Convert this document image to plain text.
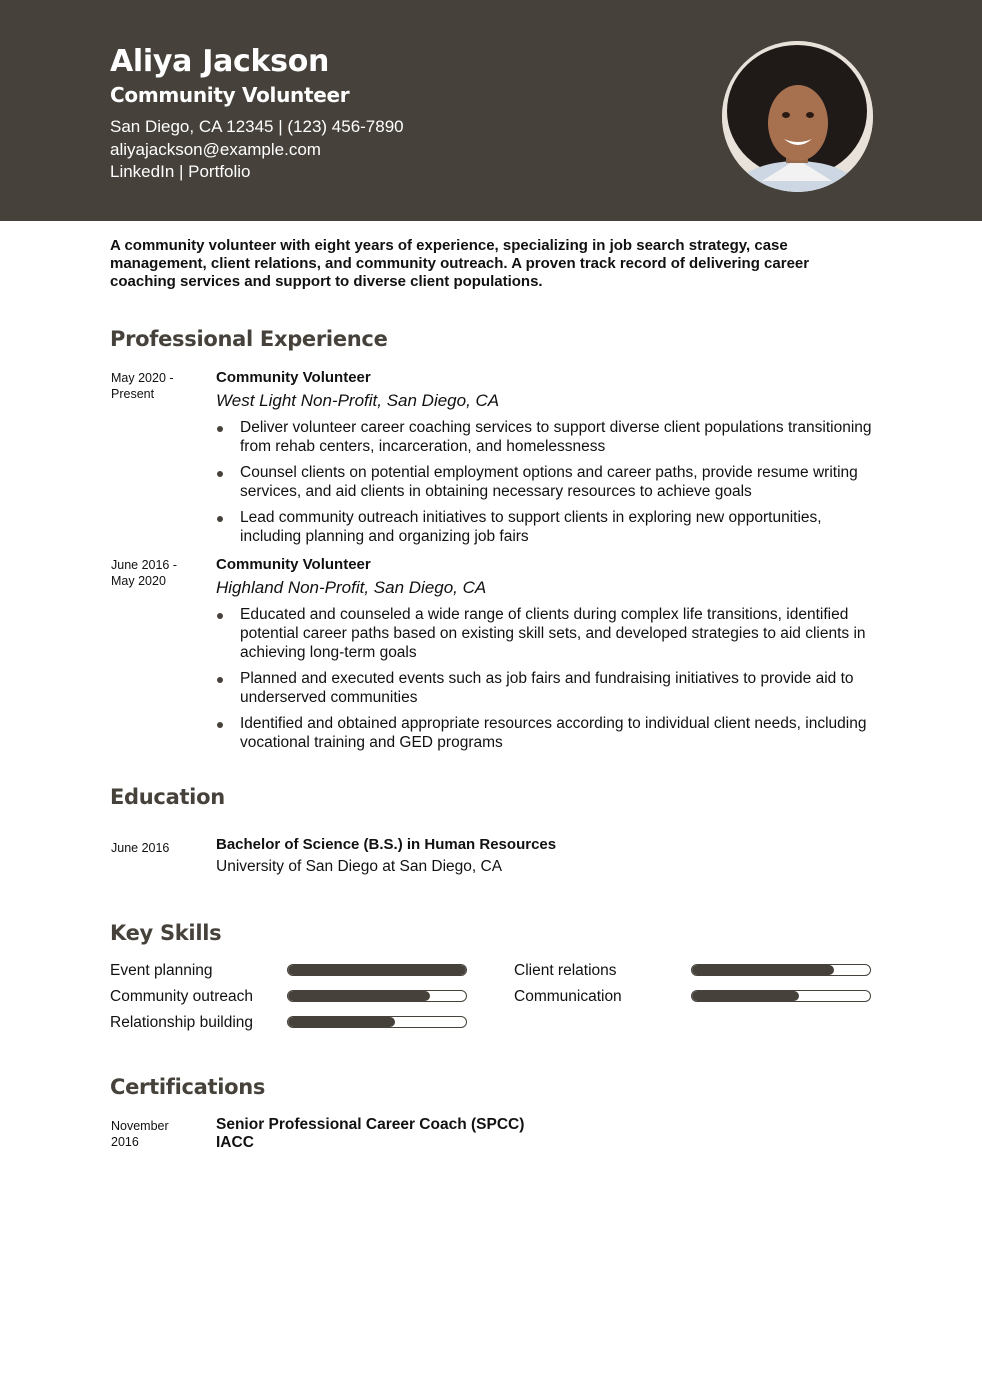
Aliya Jackson
Community Volunteer
San Diego, CA 12345 | (123) 456-7890
aliyajackson@example.com
LinkedIn | Portfolio
A community volunteer with eight years of experience, specializing in job search strategy, case management, client relations, and community outreach. A proven track record of delivering career coaching services and support to diverse client populations.
Professional Experience
May 2020 - Present
Community Volunteer
West Light Non-Profit, San Diego, CA
Deliver volunteer career coaching services to support diverse client populations transitioning from rehab centers, incarceration, and homelessness
Counsel clients on potential employment options and career paths, provide resume writing services, and aid clients in obtaining necessary resources to achieve goals
Lead community outreach initiatives to support clients in exploring new opportunities, including planning and organizing job fairs
June 2016 - May 2020
Community Volunteer
Highland Non-Profit, San Diego, CA
Educated and counseled a wide range of clients during complex life transitions, identified potential career paths based on existing skill sets, and developed strategies to aid clients in achieving long-term goals
Planned and executed events such as job fairs and fundraising initiatives to provide aid to underserved communities
Identified and obtained appropriate resources according to individual client needs, including vocational training and GED programs
Education
June 2016	Bachelor of Science (B.S.) in Human Resources
University of San Diego at San Diego, CA
Key Skills
Event planning	Client relations
Community outreach	Communication
Relationship building
Certifications
November 2016
Senior Professional Career Coach (SPCC)
IACC
